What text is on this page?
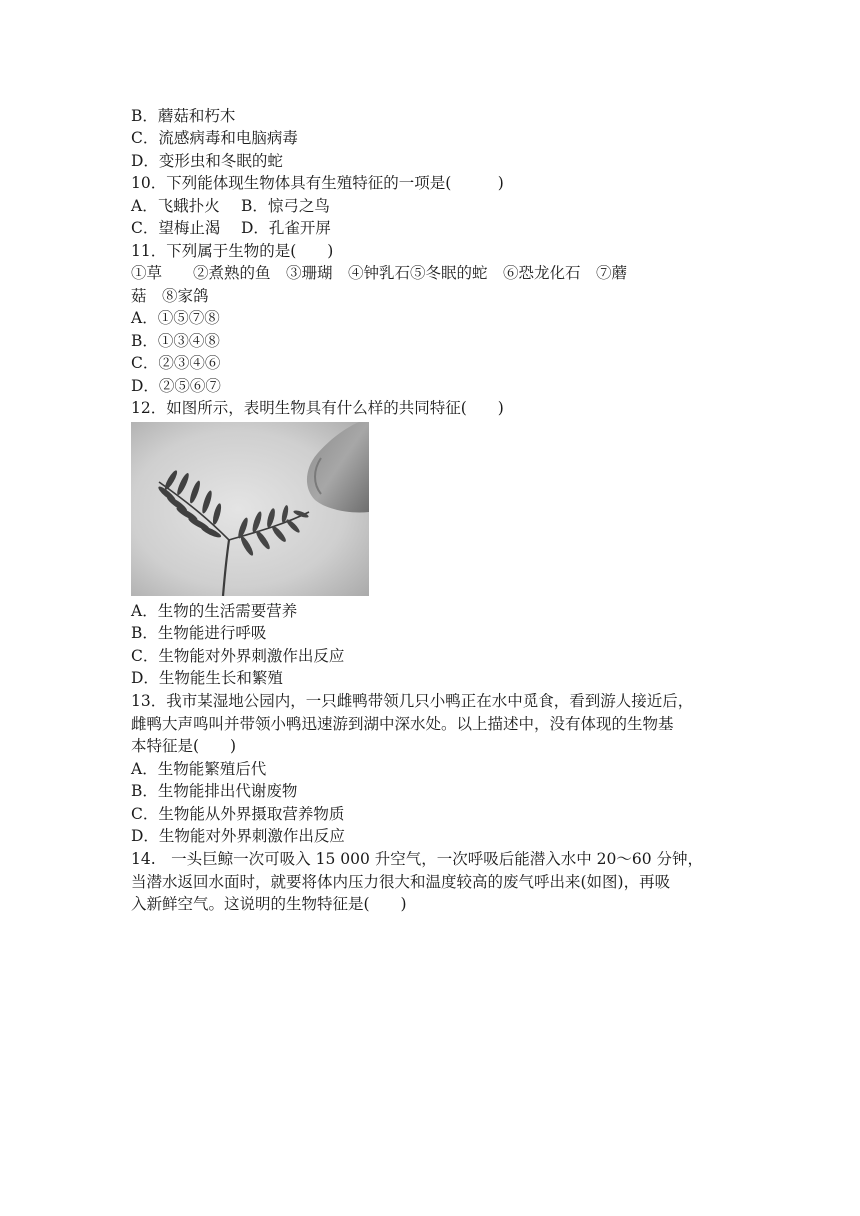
B．蘑菇和朽木
C．流感病毒和电脑病毒
D．变形虫和冬眠的蛇
10．下列能体现生物体具有生殖特征的一项是(　　　)
A．飞蛾扑火 B．惊弓之鸟
C．望梅止渴 D．孔雀开屏
11．下列属于生物的是(　　)
①草　　②煮熟的鱼　③珊瑚　④钟乳石⑤冬眠的蛇　⑥恐龙化石　⑦蘑
菇　⑧家鸽
A．①⑤⑦⑧
B．①③④⑧
C．②③④⑥
D．②⑤⑥⑦
12．如图所示，表明生物具有什么样的共同特征(　　)
A．生物的生活需要营养
B．生物能进行呼吸
C．生物能对外界刺激作出反应
D．生物能生长和繁殖
13．我市某湿地公园内，一只雌鸭带领几只小鸭正在水中觅食，看到游人接近后，
雌鸭大声鸣叫并带领小鸭迅速游到湖中深水处。以上描述中，没有体现的生物基
本特征是(　　)
A．生物能繁殖后代
B．生物能排出代谢废物
C．生物能从外界摄取营养物质
D．生物能对外界刺激作出反应
14.　一头巨鲸一次可吸入 15 000 升空气，一次呼吸后能潜入水中 20～60 分钟，
当潜水返回水面时，就要将体内压力很大和温度较高的废气呼出来(如图)，再吸
入新鲜空气。这说明的生物特征是(　　)
